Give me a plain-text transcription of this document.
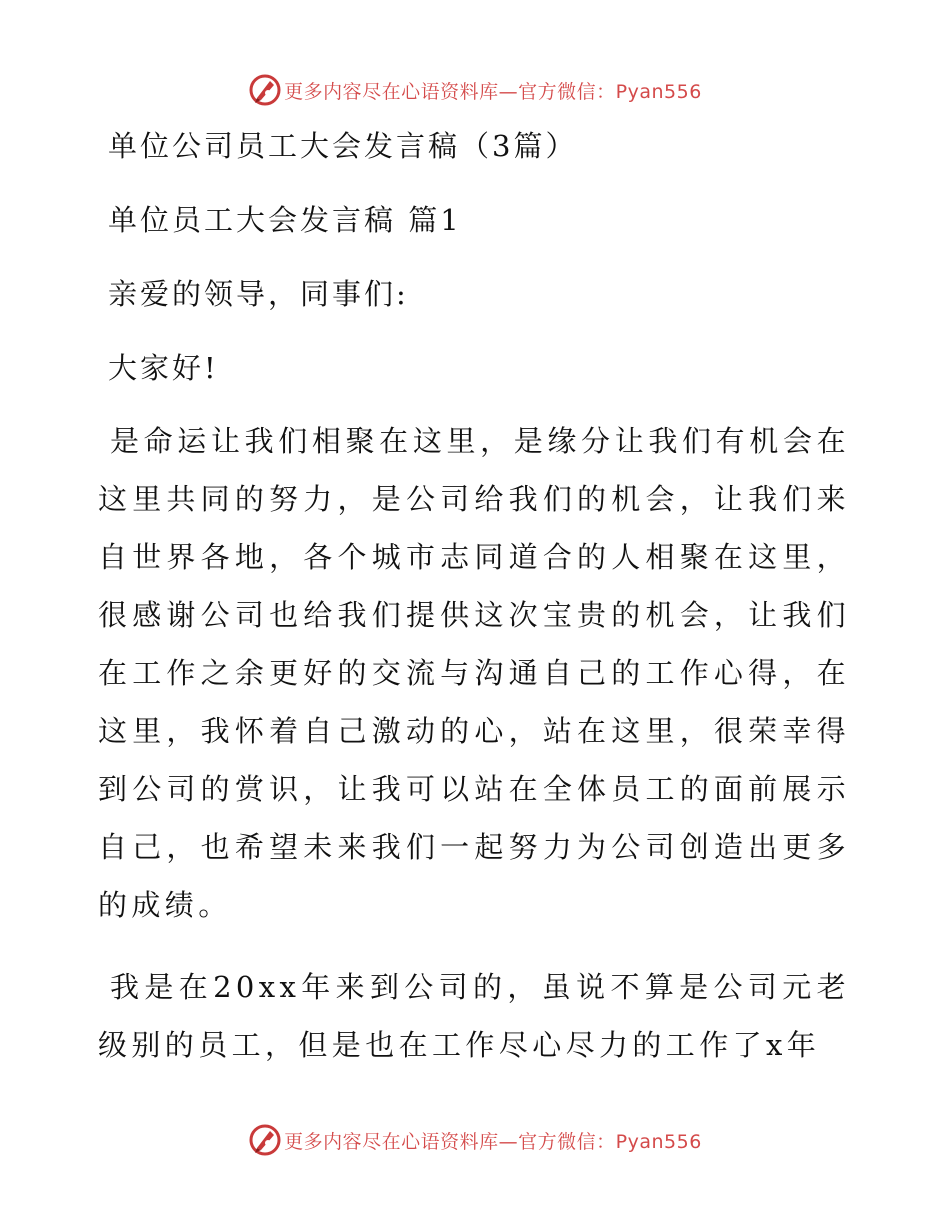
更多内容尽在心语资料库—官方微信：Pyan556
单位公司员工大会发言稿（3篇）
单位员工大会发言稿 篇1
亲爱的领导，同事们:
大家好!
是命运让我们相聚在这里，是缘分让我们有机会在这里共同的努力，是公司给我们的机会，让我们来自世界各地，各个城市志同道合的人相聚在这里，很感谢公司也给我们提供这次宝贵的机会，让我们在工作之余更好的交流与沟通自己的工作心得，在这里，我怀着自己激动的心，站在这里，很荣幸得到公司的赏识，让我可以站在全体员工的面前展示自己，也希望未来我们一起努力为公司创造出更多的成绩。
我是在20xx年来到公司的，虽说不算是公司元老级别的员工，但是也在工作尽心尽力的工作了x年
更多内容尽在心语资料库—官方微信：Pyan556
